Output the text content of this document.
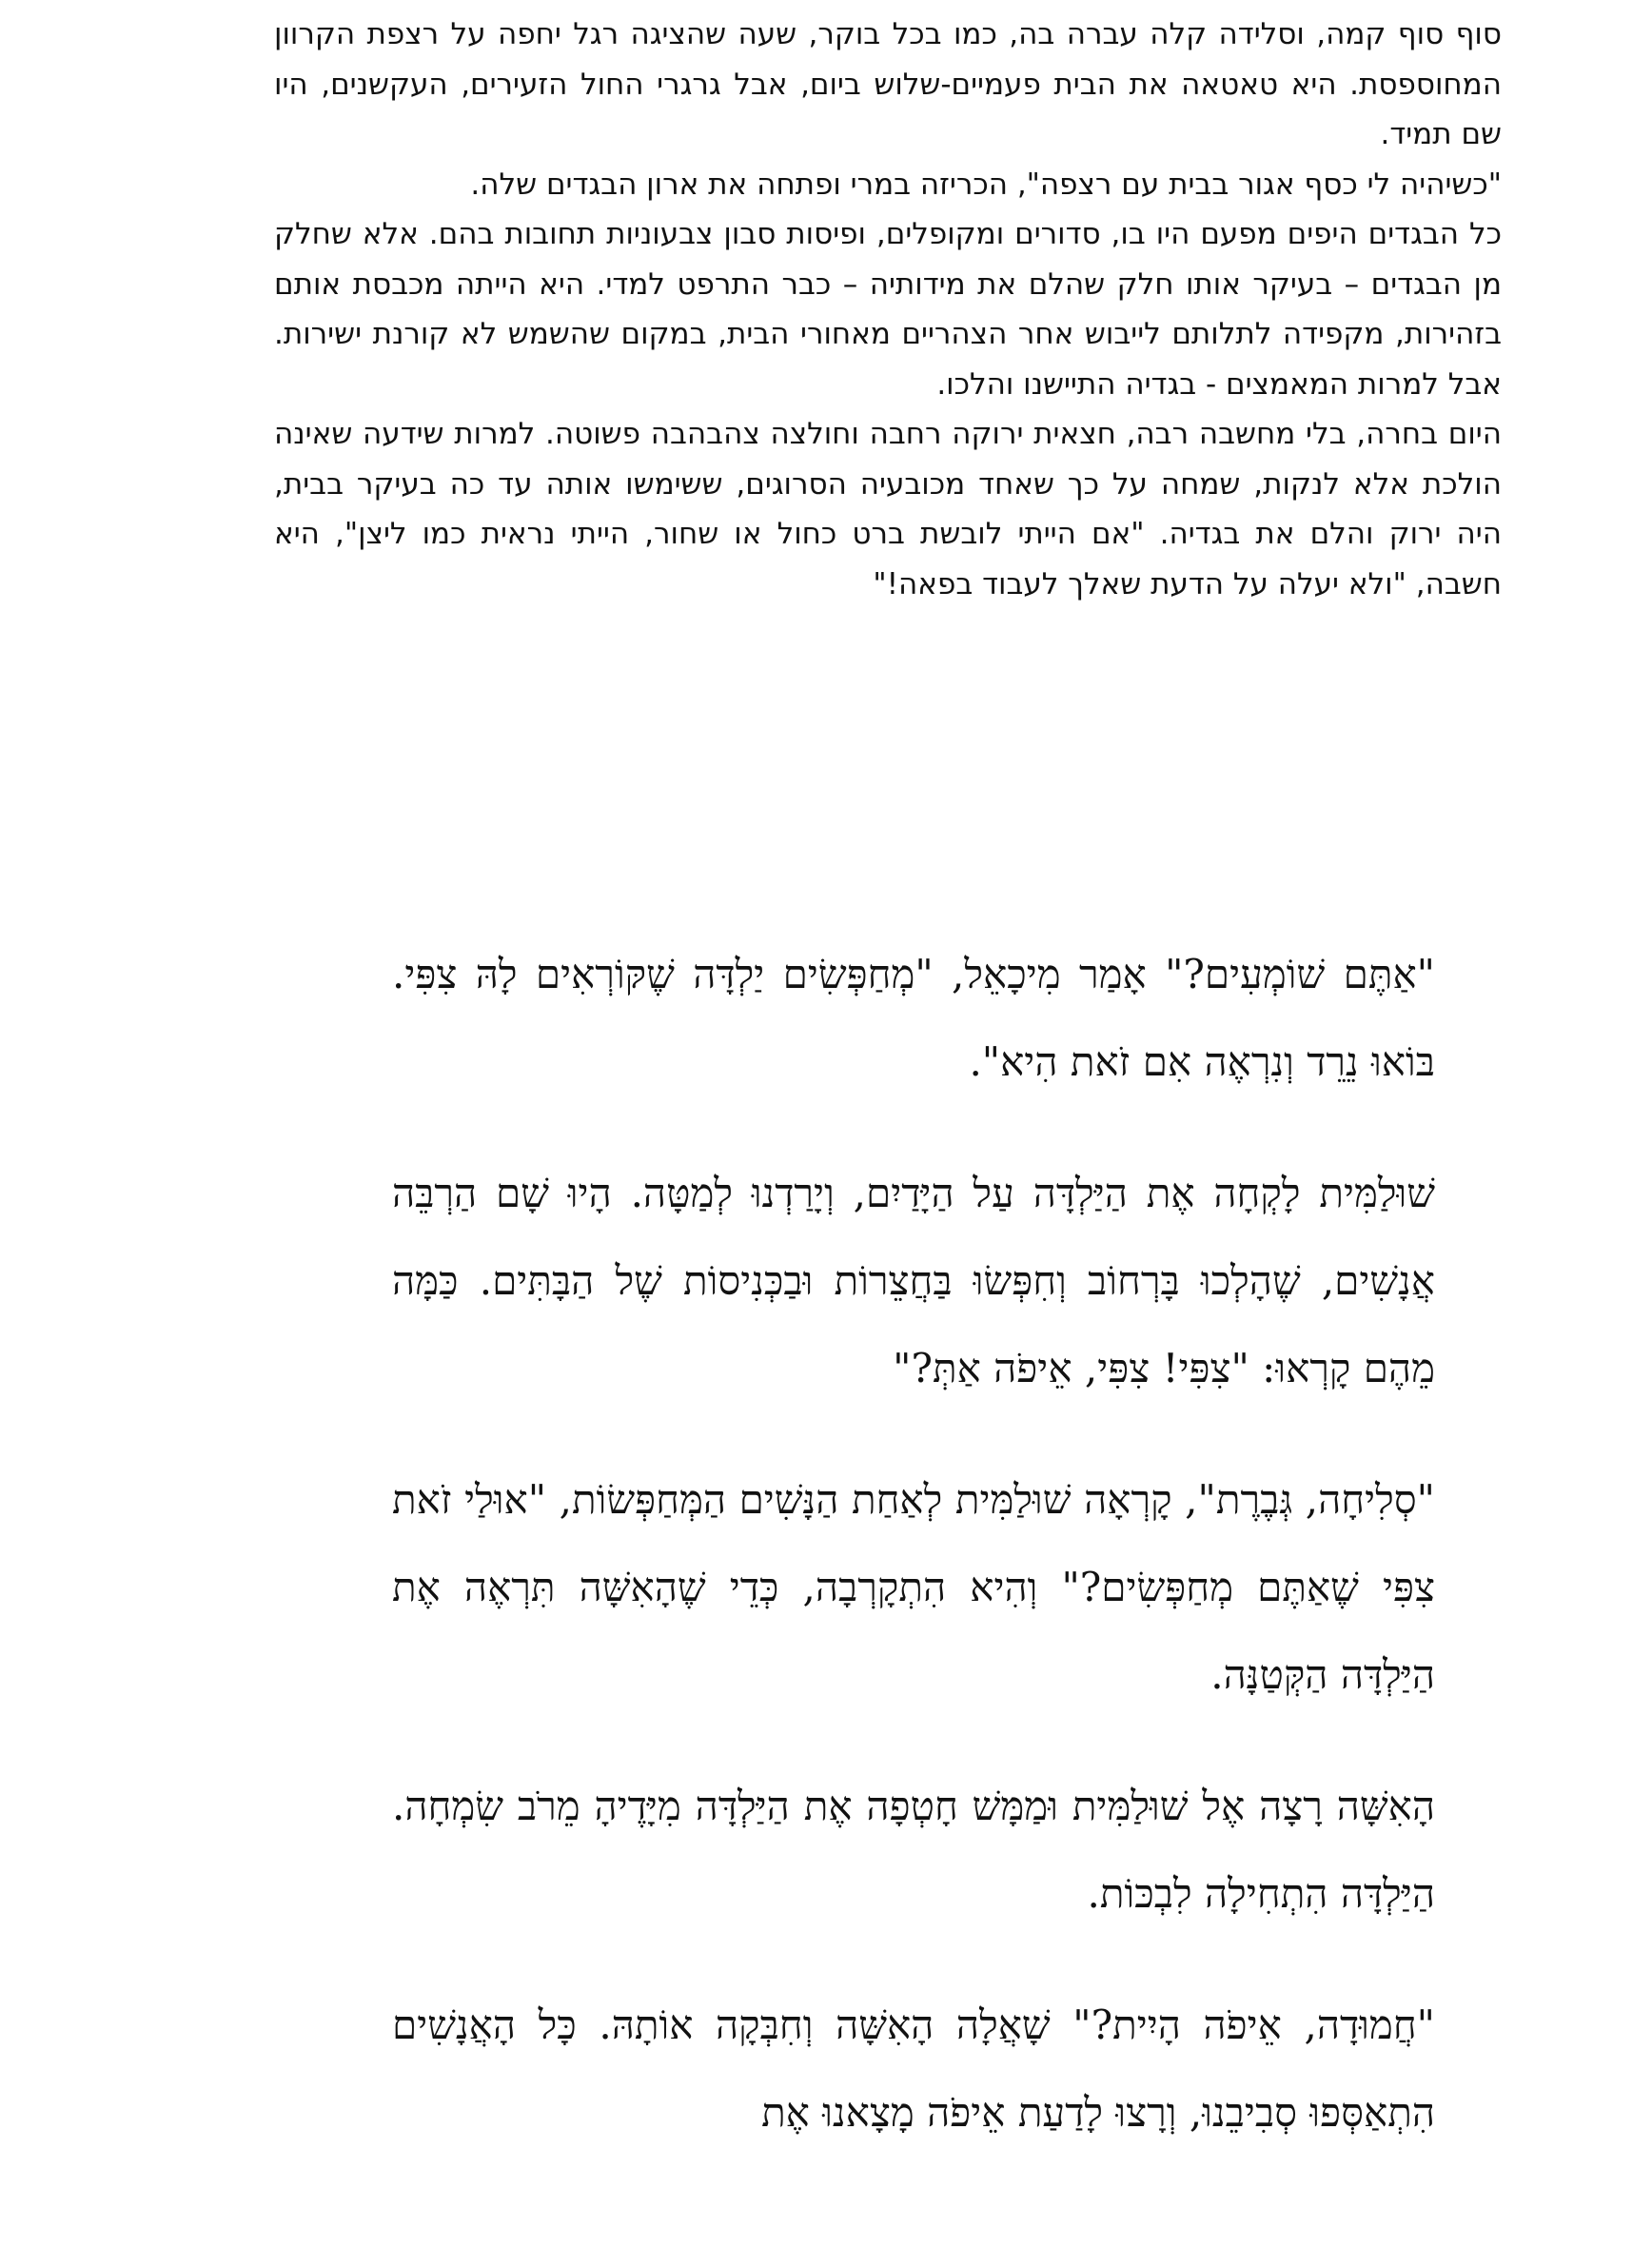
סוף סוף קמה, וסלידה קלה עברה בה, כמו בכל בוקר, שעה שהציגה רגל יחפה על רצפת הקרוון המחוספסת. היא טאטאה את הבית פעמיים-שלוש ביום, אבל גרגרי החול הזעירים, העקשנים, היו שם תמיד.

"כשיהיה לי כסף אגור בבית עם רצפה", הכריזה במרי ופתחה את ארון הבגדים שלה.

כל הבגדים היפים מפעם היו בו, סדורים ומקופלים, ופיסות סבון צבעוניות תחובות בהם. אלא שחלק מן הבגדים – בעיקר אותו חלק שהלם את מידותיה – כבר התרפט למדי. היא הייתה מכבסת אותם בזהירות, מקפידה לתלותם לייבוש אחר הצהריים מאחורי הבית, במקום שהשמש לא קורנת ישירות. אבל למרות המאמצים - בגדיה התיישנו והלכו.

היום בחרה, בלי מחשבה רבה, חצאית ירוקה רחבה וחולצה צהבהבה פשוטה. למרות שידעה שאינה הולכת אלא לנקות, שמחה על כך שאחד מכובעיה הסרוגים, ששימשו אותה עד כה בעיקר בבית, היה ירוק והלם את בגדיה. "אם הייתי לובשת ברט כחול או שחור, הייתי נראית כמו ליצן", היא חשבה, "ולא יעלה על הדעת שאלך לעבוד בפאה!"

"אַתֶּם שׁוֹמְעִים?" אָמַר מִיכָאֵל, "מְחַפְּשִׂים יַלְדָּה שֶׁקּוֹרְאִים לָהּ צִפִּי. בּוֹאוּ נֵרֵד וְנִרְאֶה אִם זֹאת הִיא".

שׁוּלַמִּית לָקְחָה אֶת הַיַּלְדָּה עַל הַיָּדַיִם, וְיָרַדְנוּ לְמַטָּה. הָיוּ שָׁם הַרְבֵּה אֲנָשִׁים, שֶׁהָלְכוּ בָּרְחוֹב וְחִפְּשׂוּ בַּחֲצֵרוֹת וּבַכְּנִיסוֹת שֶׁל הַבָּתִּים. כַּמָּה מֵהֶם קָרְאוּ: "צִפִּי! צִפִּי, אֵיפֹה אַתְּ?"

"סְלִיחָה, גְּבֶרֶת", קָרְאָה שׁוּלַמִּית לְאַחַת הַנָּשִׁים הַמְּחַפְּשׂוֹת, "אוּלַי זֹאת צִפִּי שֶׁאַתֶּם מְחַפְּשִׂים?" וְהִיא הִתְקָרְבָה, כְּדֵי שֶׁהָאִשָּׁה תִּרְאֶה אֶת הַיַּלְדָּה הַקְּטַנָּה.

הָאִשָּׁה רָצָה אֶל שׁוּלַמִּית וּמַמָּשׁ חָטְפָה אֶת הַיַּלְדָּה מִיָּדֶיהָ מֵרֹב שִׂמְחָה. הַיַּלְדָּה הִתְחִילָה לִבְכּוֹת.

"חֲמוּדָה, אֵיפֹה הָיִית?" שָׁאֲלָה הָאִשָּׁה וְחִבְּקָה אוֹתָהּ. כָּל הָאֲנָשִׁים הִתְאַסְּפוּ סְבִיבֵנוּ, וְרָצוּ לָדַעַת אֵיפֹה מָצָאנוּ אֶת
